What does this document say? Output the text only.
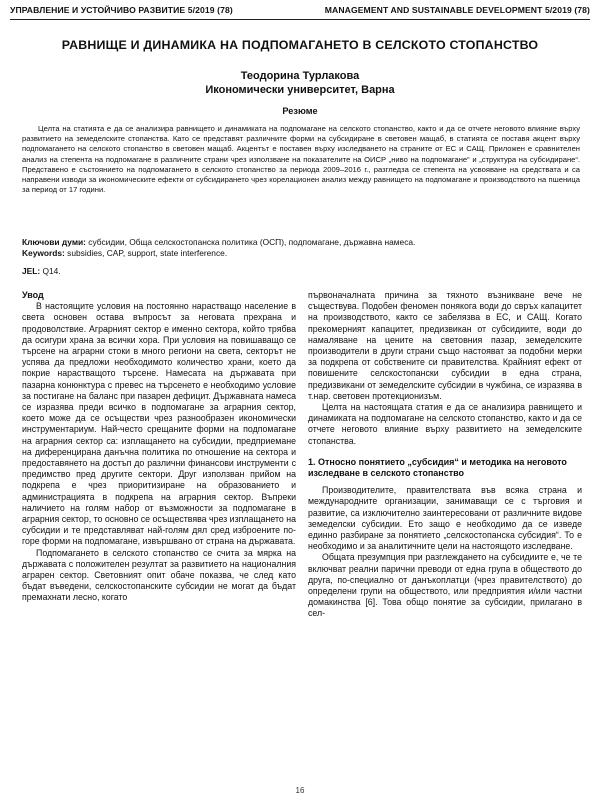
УПРАВЛЕНИЕ И УСТОЙЧИВО РАЗВИТИЕ 5/2019 (78)	MANAGEMENT AND SUSTAINABLE DEVELOPMENT 5/2019 (78)
РАВНИЩЕ И ДИНАМИКА НА ПОДПОМАГАНЕТО В СЕЛСКОТО СТОПАНСТВО
Теодорина Турлакова
Икономически университет, Варна
Резюме
Целта на статията е да се анализира равнището и динамиката на подпомагане на селското стопанство, както и да се отчете неговото влияние върху развитието на земеделските стопанства. Като се представят различните форми на субсидиране в световен мащаб, в статията се поставя акцент върху подпомагането на селското стопанство в световен мащаб. Акцентът е поставен върху изследването на страните от ЕС и САЩ. Приложен е сравнителен анализ на степента на подпомагане в различните страни чрез използване на показателите на ОИСР „ниво на подпомагане“ и „структура на субсидиране“. Представено е състоянието на подпомагането в селското стопанство за периода 2009–2016 г., разгледза се степента на усвояване на средствата и са направени изводи за икономическите ефекти от субсидирането чрез корелационен анализ между равнището на подпомагане и производството на пшеница за период от 17 години.
Ключови думи: субсидии, Обща селскостопанска политика (ОСП), подпомагане, държавна намеса.
Keywords: subsidies, CAP, support, state interference.
JEL: Q14.
Увод

В настоящите условия на постоянно нарастващо население в света основен остава въпросът за неговата прехрана и продоволствие. Аграрният сектор е именно сектора, който трябва да осигури храна за всички хора. При условия на повишаващо се търсене на аграрни стоки в много региони на света, секторът не успява да предложи необходимото количество храни, което да покрие нарастващото търсене. Намесата на държавата при пазарна конюнктура с превес на търсенето е необходимо условие за постигане на баланс при пазарен дефицит. Държавната намеса се изразява преди всичко в подпомагане за аграрния сектор, което може да се осъществи чрез разнообразен икономически инструментариум. Най-често срещаните форми на подпомагане на аграрния сектор са: изплащането на субсидии, предприемане на диференцирана данъчна политика по отношение на сектора и предоставянето на достъп до различни финансови инструменти с предимство пред другите сектори. Друг използван прийом на подкрепа е чрез приоритизиране на образованието и администрацията в подкрепа на аграрния сектор. Въпреки наличието на голям набор от възможности за подпомагане в аграрния сектор, то основно се осъществява чрез изплащането на субсидии и те представляват най-голям дял сред изброените по-горе форми на подпомагане, извършвано от страна на държавата.

Подпомагането в селското стопанство се счита за мярка на държавата с положителен резултат за развитието на националния аграрен сектор. Световният опит обаче показва, че след като бъдат въведени, селскостопанските субсидии не могат да бъдат премахнати лесно, когато

първоначалната причина за тяхното възникване вече не съществува. Подобен феномен понякога води до свръх капацитет на производството, както се забелязва в ЕС, и САЩ. Когато прекомерният капацитет, предизвикан от субсидиите, води до намаляване на цените на световния пазар, земеделските производители в други страни също настояват за подобни мерки за подкрепа от собствените си правителства. Крайният ефект от повишените селскостопански субсидии в една страна, предизвикани от земеделските субсидии в чужбина, се изразява в т.нар. световен протекционизъм.

Целта на настоящата статия е да се анализира равнището и динамиката на подпомагане на селското стопанство, както и да се отчете неговото влияние върху развитието на земеделските стопанства.

1. Относно понятието „субсидия“ и методика на неговото изследване в селското стопанство

Производителите, правителствата във всяка страна и международните организации, занимаващи се с търговия и развитие, са изключително заинтересовани от различните видове земеделски субсидии. Ето защо е необходимо да се изведе единно разбиране за понятието „селскостопанска субсидия“. То е необходимо и за аналитичните цели на настоящото изследване.

Общата презумпция при разглеждането на субсидиите е, че те включват реални парични преводи от една група в обществото до друга, по-специално от данъкоплатци (чрез правителството) до определени групи на обществото, или предприятия и/или частни домакинства [6]. Това общо понятие за субсидии, прилагано в сел-

16
